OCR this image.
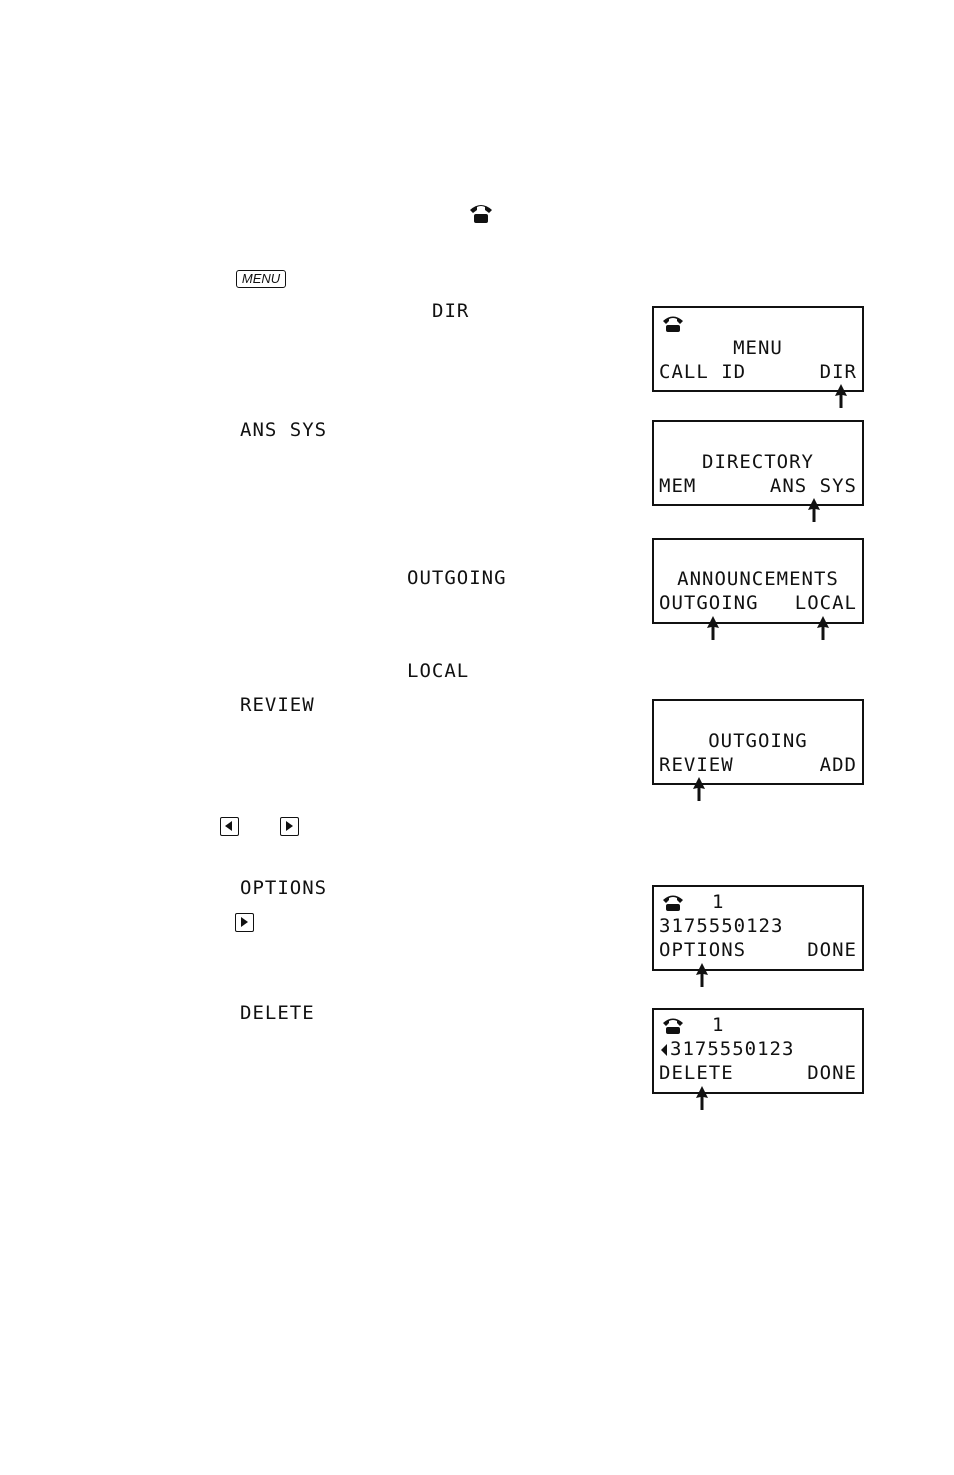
MENU
DIR
ANS SYS
OUTGOING
LOCAL
REVIEW
OPTIONS
DELETE
MENU
CALL ID	DIR
DIRECTORY
MEM	ANS SYS
ANNOUNCEMENTS
OUTGOING LOCAL
OUTGOING
REVIEW	ADD
1
3175550123
OPTIONS	DONE
1
3175550123
DELETE	DONE
